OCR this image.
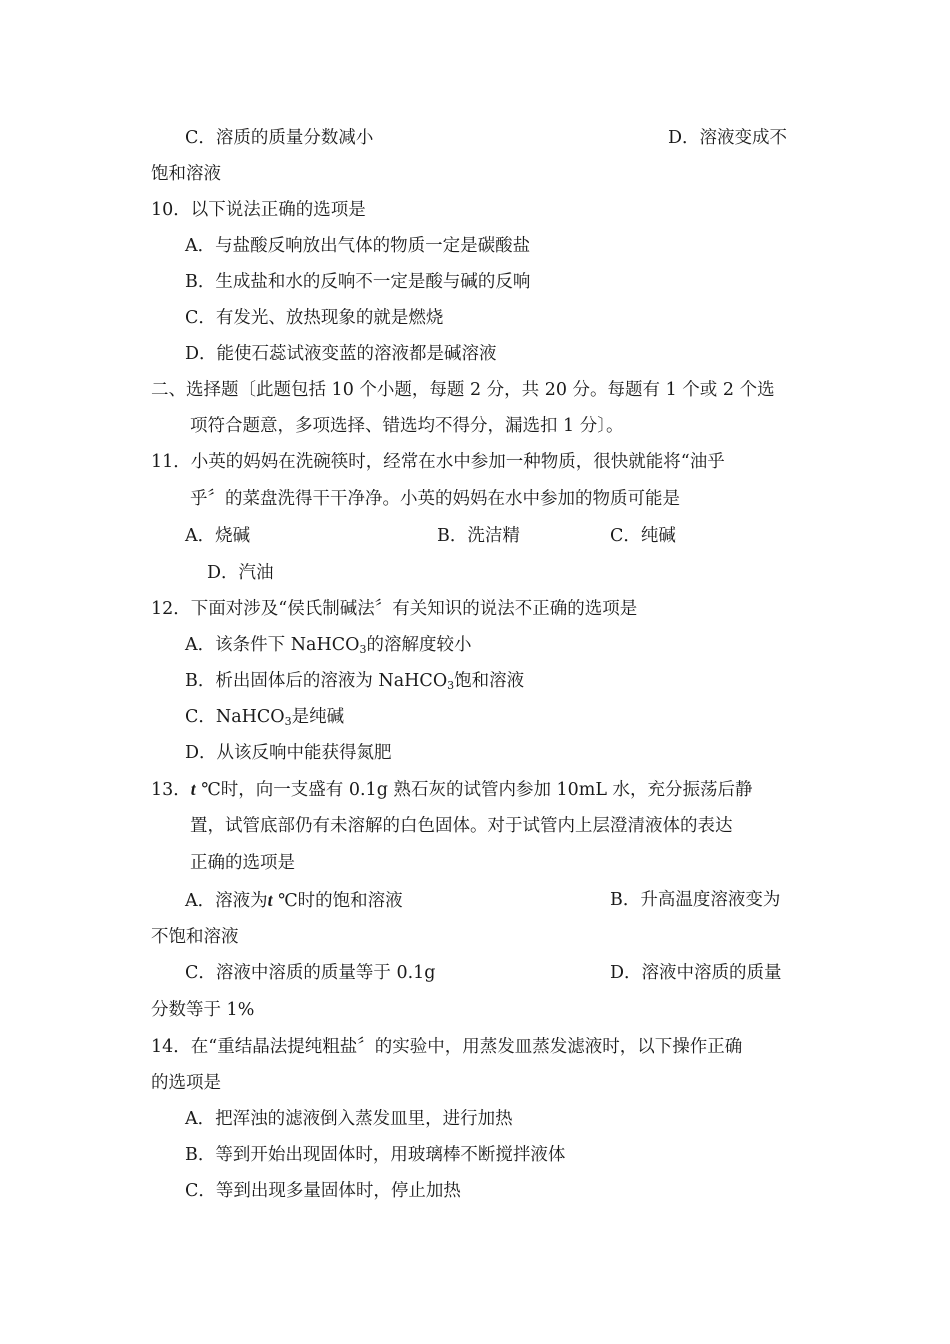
C．溶质的质量分数减小	D．溶液变成不
饱和溶液
10．以下说法正确的选项是
A．与盐酸反响放出气体的物质一定是碳酸盐
B．生成盐和水的反响不一定是酸与碱的反响
C．有发光、放热现象的就是燃烧
D．能使石蕊试液变蓝的溶液都是碱溶液
二、选择题〔此题包括 10 个小题，每题 2 分，共 20 分。每题有 1 个或 2 个选
项符合题意，多项选择、错选均不得分，漏选扣 1 分〕。
11．小英的妈妈在洗碗筷时，经常在水中参加一种物质，很快就能将“油乎
乎〞的菜盘洗得干干净净。小英的妈妈在水中参加的物质可能是
A．烧碱	B．洗洁精	C．纯碱
D．汽油
12．下面对涉及“侯氏制碱法〞有关知识的说法不正确的选项是
A．该条件下 NaHCO$_3$的溶解度较小
B．析出固体后的溶液为 NaHCO$_3$饱和溶液
C．NaHCO$_3$是纯碱
D．从该反响中能获得氮肥
13．t ℃时，向一支盛有 0.1g 熟石灰的试管内参加 10mL 水，充分振荡后静
置，试管底部仍有未溶解的白色固体。对于试管内上层澄清液体的表达
正确的选项是
A．溶液为t ℃时的饱和溶液	B．升高温度溶液变为
不饱和溶液
C．溶液中溶质的质量等于 0.1g	D．溶液中溶质的质量
分数等于 1%
14．在“重结晶法提纯粗盐〞的实验中，用蒸发皿蒸发滤液时，以下操作正确
的选项是
A．把浑浊的滤液倒入蒸发皿里，进行加热
B．等到开始出现固体时，用玻璃棒不断搅拌液体
C．等到出现多量固体时，停止加热
